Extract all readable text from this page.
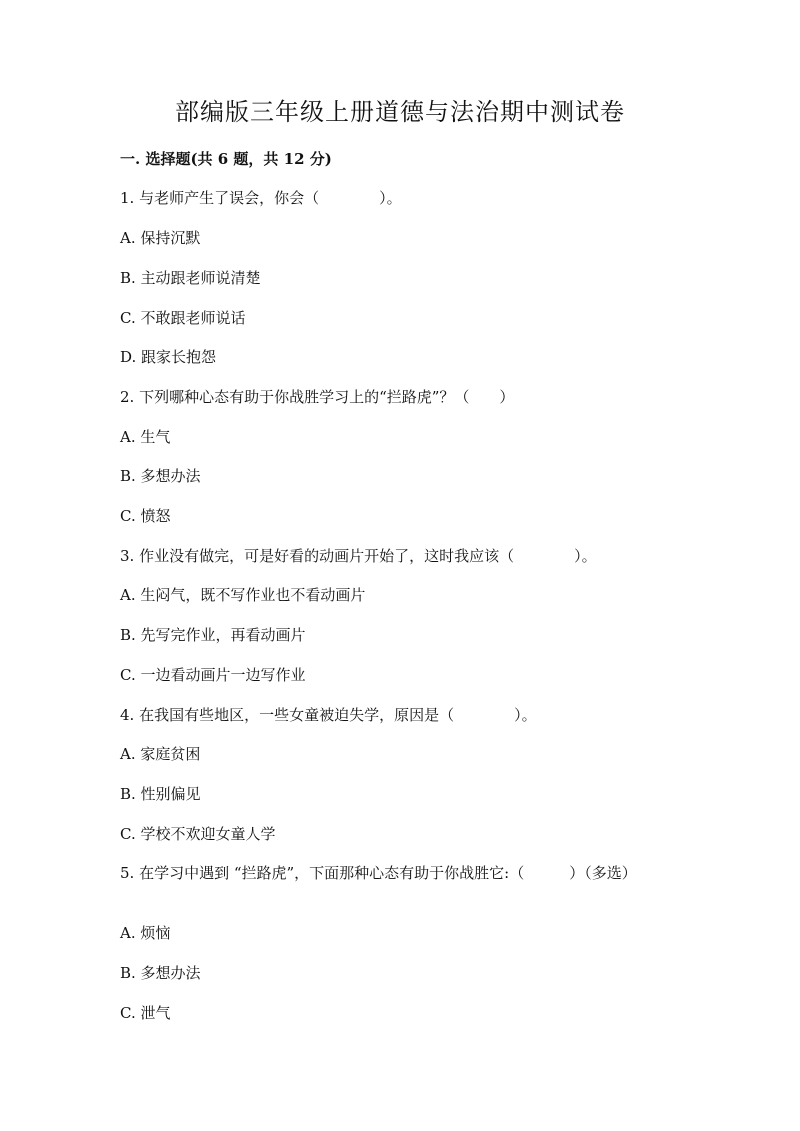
部编版三年级上册道德与法治期中测试卷
一. 选择题(共 6 题，共 12 分)
1. 与老师产生了误会，你会（　　　　）。
A. 保持沉默
B. 主动跟老师说清楚
C. 不敢跟老师说话
D. 跟家长抱怨
2. 下列哪种心态有助于你战胜学习上的“拦路虎”？（　　）
A. 生气
B. 多想办法
C. 愤怒
3. 作业没有做完，可是好看的动画片开始了，这时我应该（　　　　）。
A. 生闷气，既不写作业也不看动画片
B. 先写完作业，再看动画片
C. 一边看动画片一边写作业
4. 在我国有些地区，一些女童被迫失学，原因是（　　　　）。
A. 家庭贫困
B. 性别偏见
C. 学校不欢迎女童人学
5. 在学习中遇到 “拦路虎”，下面那种心态有助于你战胜它:（　　　）（多选）
A. 烦恼
B. 多想办法
C. 泄气
